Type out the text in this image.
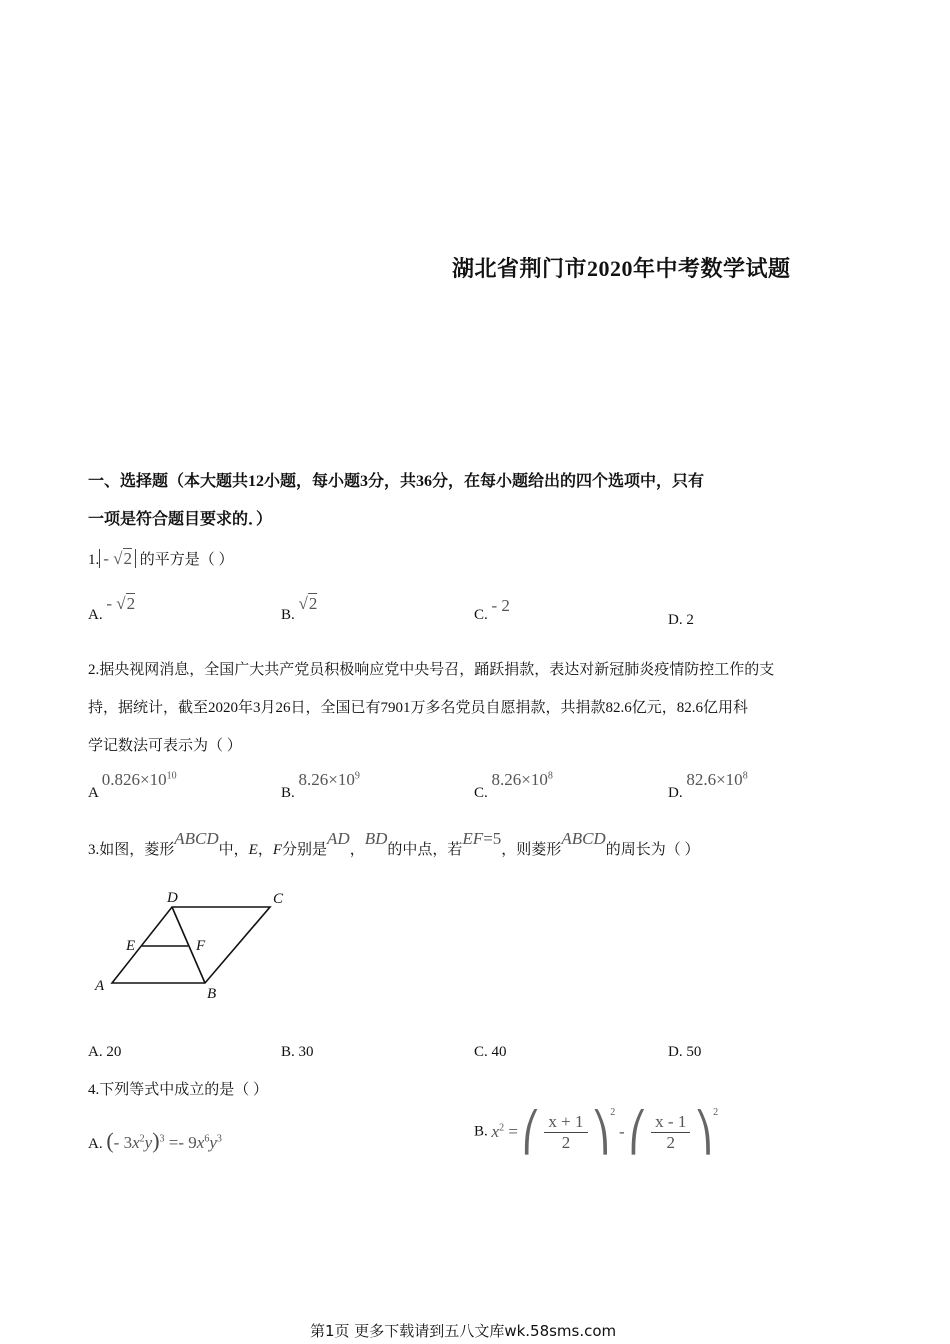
湖北省荆门市2020年中考数学试题
一、选择题（本大题共12小题，每小题3分，共36分，在每小题给出的四个选项中，只有
一项是符合题目要求的．）
1. - √2 的平方是（ ）
A. - √2
B. √2
C. - 2
D. 2
2.据央视网消息，全国广大共产党员积极响应党中央号召，踊跃捐款，表达对新冠肺炎疫情防控工作的支
持，据统计，截至2020年3月26日，全国已有7901万多名党员自愿捐款，共捐款82.6亿元，82.6亿用科
学记数法可表示为（ ）
A $0.826\times 10^{10}$
B. $8.26\times 10^9$
C. $8.26\times 10^8$
D. $82.6\times 10^8$
3.如图，菱形ABCD中，E，F分别是AD，BD的中点，若EF=5，则菱形ABCD的周长为（ ）
A	B
C
D
E	F
A. 20	B. 30	C. 40	D. 50
4.下列等式中成立的是（ ）
A. (- $3x^2y)^3 =- 9x^6y^3$	B. $x^2$ = ⎛ $\frac{x + 1}{2}$ ⎞$^2$ - ⎛ $\frac{x - 1}{2}$ ⎞$^2$
第1页 更多下载请到五八文库wk.58sms.com
